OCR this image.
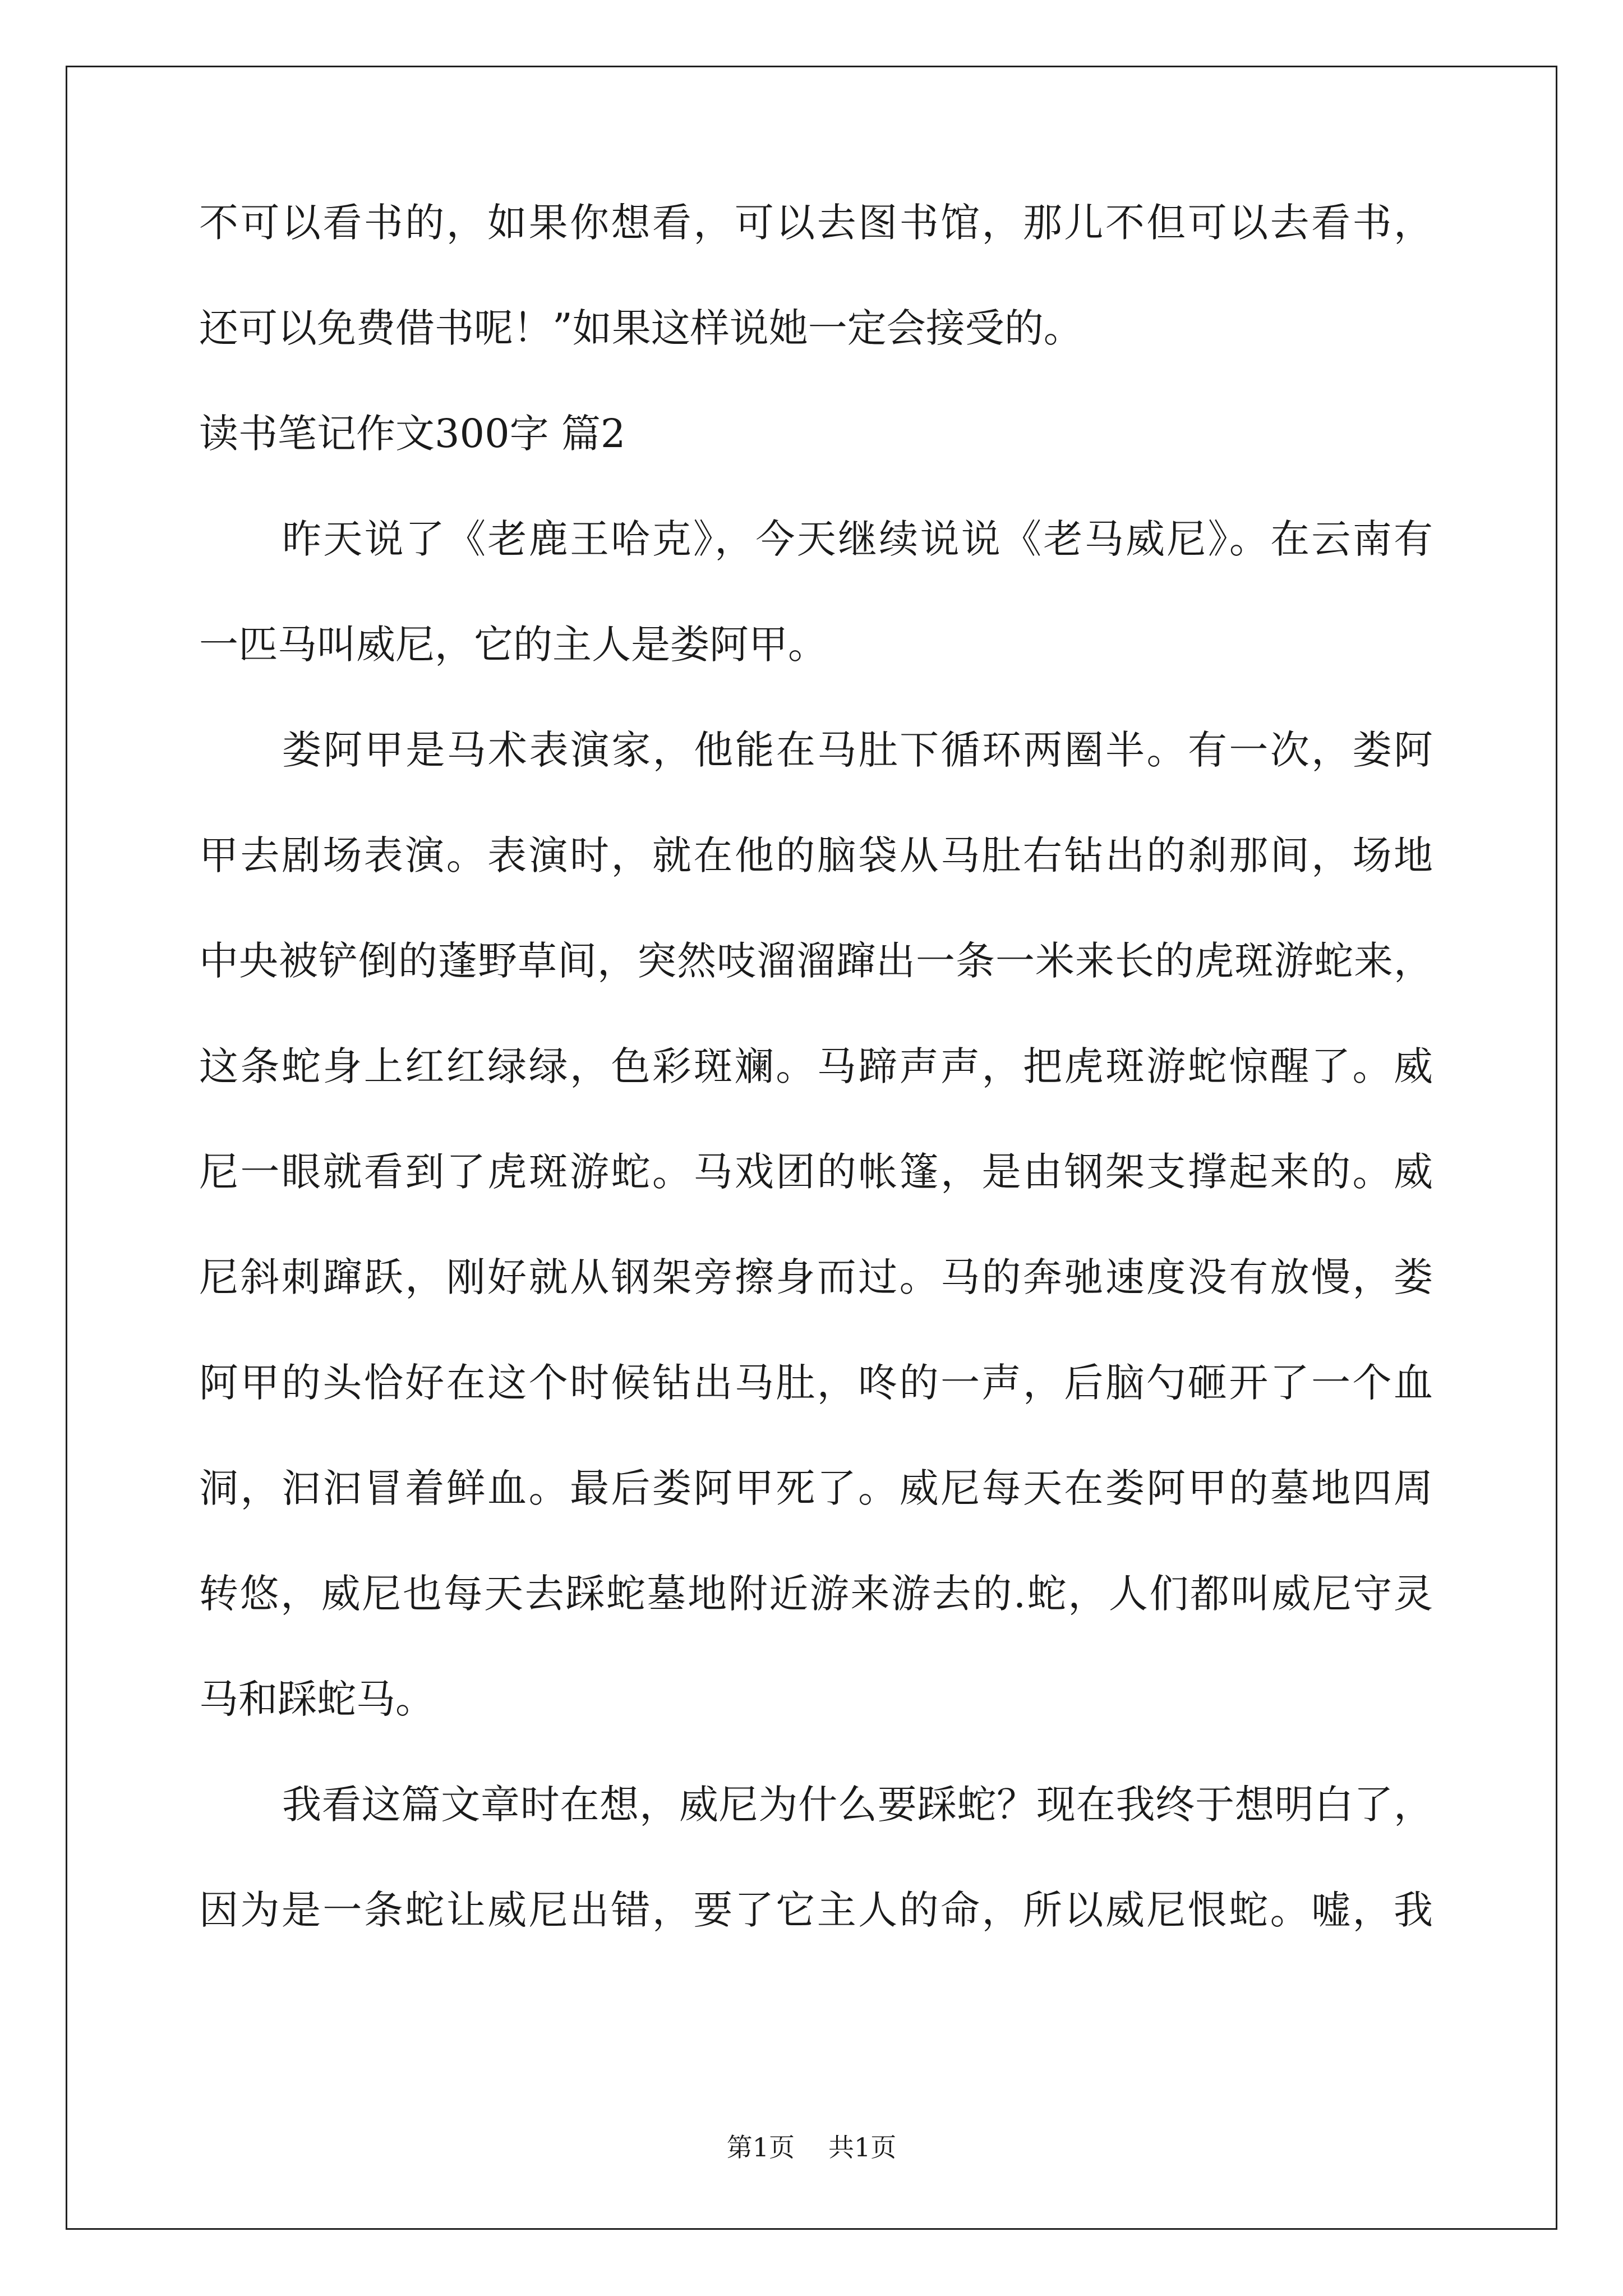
不可以看书的，如果你想看，可以去图书馆，那儿不但可以去看书，
还可以免费借书呢！”如果这样说她一定会接受的。
读书笔记作文300字 篇2
昨天说了《老鹿王哈克》，今天继续说说《老马威尼》。在云南有
一匹马叫威尼，它的主人是娄阿甲。
娄阿甲是马术表演家，他能在马肚下循环两圈半。有一次，娄阿
甲去剧场表演。表演时，就在他的脑袋从马肚右钻出的刹那间，场地
中央被铲倒的蓬野草间，突然吱溜溜蹿出一条一米来长的虎斑游蛇来，
这条蛇身上红红绿绿，色彩斑斓。马蹄声声，把虎斑游蛇惊醒了。威
尼一眼就看到了虎斑游蛇。马戏团的帐篷，是由钢架支撑起来的。威
尼斜刺蹿跃，刚好就从钢架旁擦身而过。马的奔驰速度没有放慢，娄
阿甲的头恰好在这个时候钻出马肚，咚的一声，后脑勺砸开了一个血
洞，汩汩冒着鲜血。最后娄阿甲死了。威尼每天在娄阿甲的墓地四周
转悠，威尼也每天去踩蛇墓地附近游来游去的.蛇，人们都叫威尼守灵
马和踩蛇马。
我看这篇文章时在想，威尼为什么要踩蛇？现在我终于想明白了，
因为是一条蛇让威尼出错，要了它主人的命，所以威尼恨蛇。嘘，我
第1页 共1页
